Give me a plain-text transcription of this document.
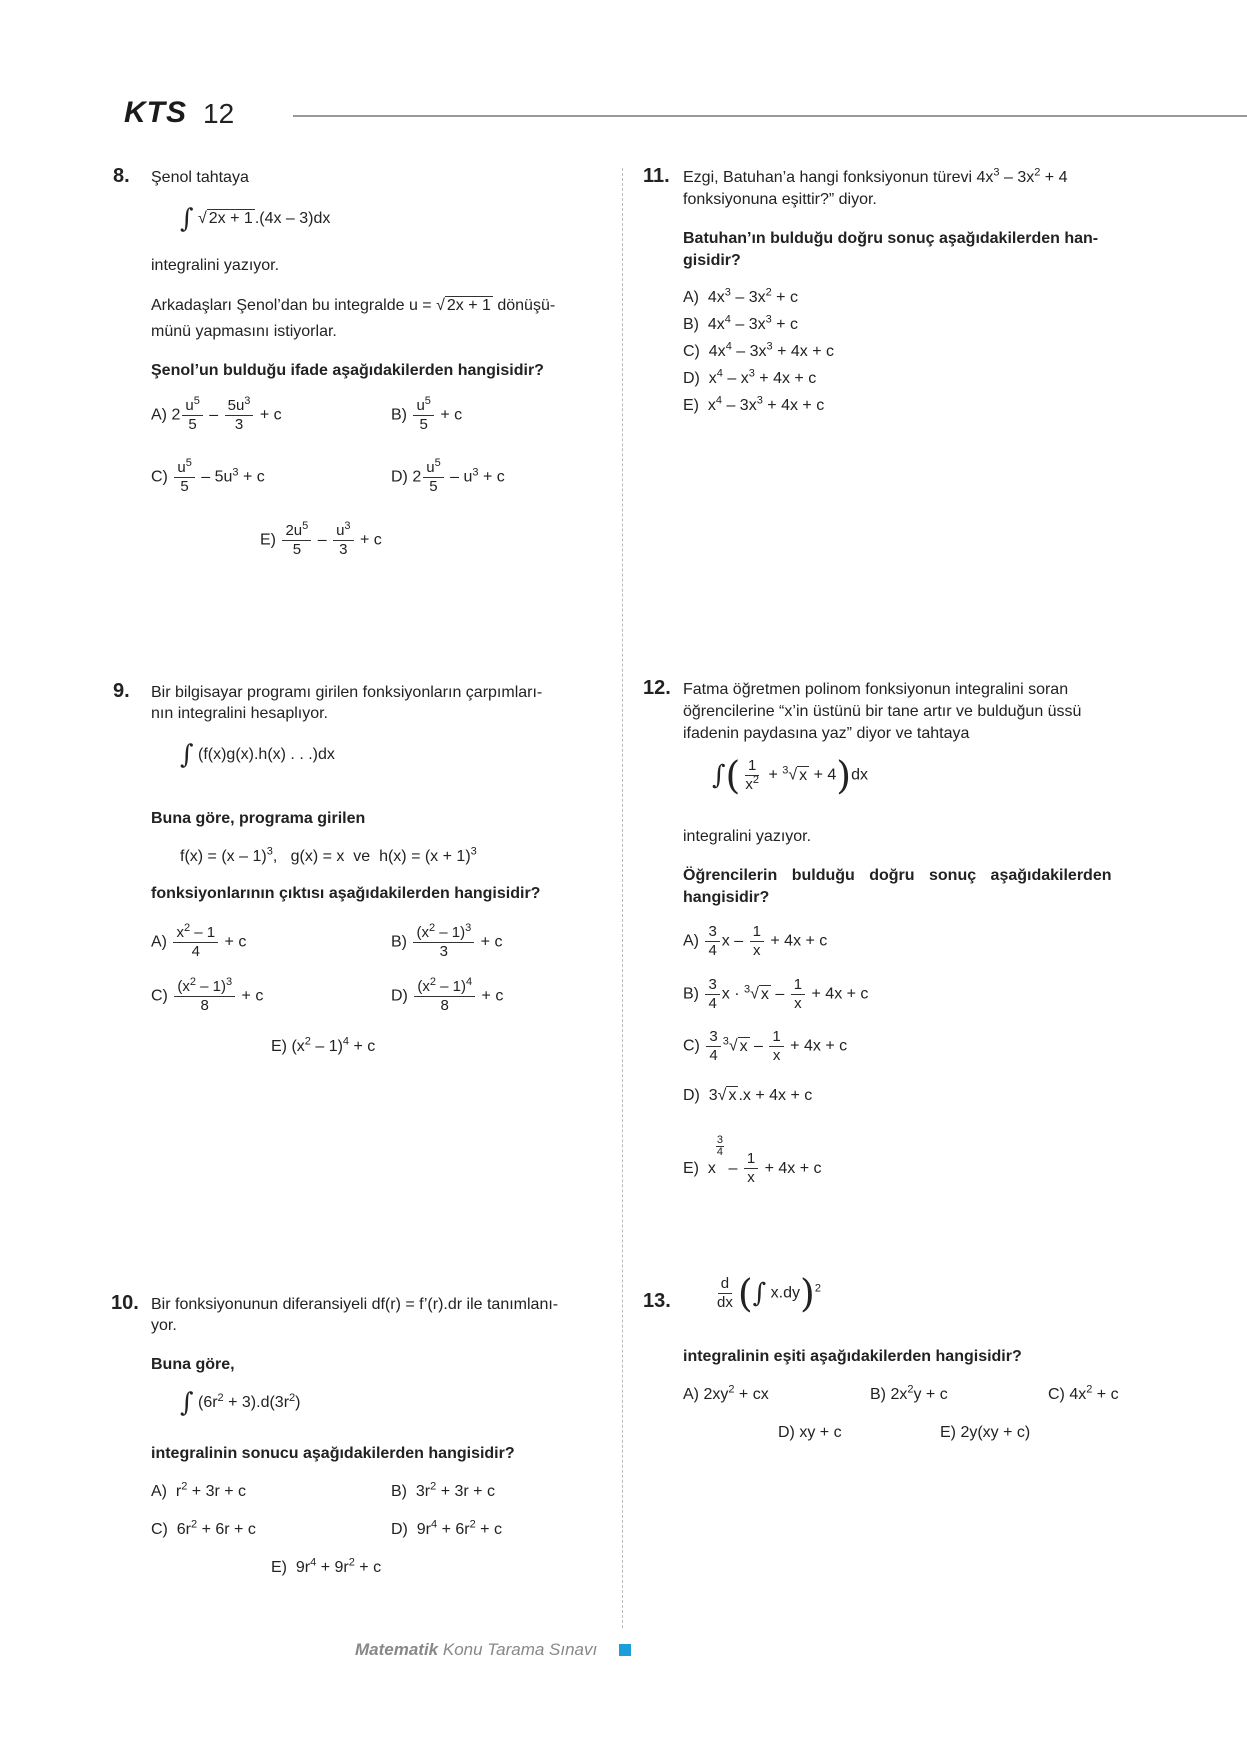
KTS 12
8. Şenol tahtaya
∫ √ 2x + 1 .(4x – 3)dx
integralini yazıyor.
Arkadaşları Şenol’dan bu integralde u = √ 2x + 1 dönüşü-
münü yapmasını istiyorlar.
Şenol’un bulduğu ifade aşağıdakilerden hangisidir?
A) $2 \frac{u^5}{5} - \frac{5u^3}{3} + c$	$B) \frac{u^5}{5} + c$
$C) \frac{u^5}{5} - 5u^3 + c$	D) $2 \frac{u^5}{5} - u^3 + c$
$E) \frac{2u^5}{5} - \frac{u^3}{3} + c$
9. Bir bilgisayar programı girilen fonksiyonların çarpımları-
nın integralini hesaplıyor.
∫ (f(x)g(x).h(x) . . .)dx
Buna göre, programa girilen
f(x) = (x – 1)$^3$,   g(x) = x  ve  $h(x) = (x + 1)^3$
fonksiyonlarının çıktısı aşağıdakilerden hangisidir?
$A) \frac{x^2 - 1}{4} + c$	$B) \frac{(x^2 - 1)^3}{3} + c$
$C) \frac{(x^2 - 1)^3}{8} + c$	$D) \frac{(x^2 - 1)^4}{8} + c$
E) $(x^2 - 1)^4 + c$
10. Bir fonksiyonunun diferansiyeli df(r) = f’(r).dr ile tanımlanı-
yor.
Buna göre,
∫ $(6r^2 + 3).d(3r^2)$
integralinin sonucu aşağıdakilerden hangisidir?
A)  $r^2 + 3r + c$	B)  $3r^2 + 3r + c$
C)  $6r^2 + 6r + c$	D)  $9r^4 + 6r^2 + c$
E)  $9r^4 + 9r^2 + c$
11. Ezgi, Batuhan’a hangi fonksiyonun türevi $4x^3 - 3x^2 + 4$
fonksiyonuna eşittir?” diyor.
Batuhan’ın bulduğu doğru sonuç aşağıdakilerden han-
gisidir?
A)  $4x^3 - 3x^2 + c$
B)  $4x^4 - 3x^3 + c$
C)  $4x^4 - 3x^3 + 4x + c$
D)  $x^4 - x^3 + 4x + c$
E)  $x^4 - 3x^3 + 4x + c$
12. Fatma öğretmen polinom fonksiyonun integralini soran
öğrencilerine “x’in üstünü bir tane artır ve bulduğun üssü
ifadenin paydasına yaz” diyor ve tahtaya
∫( $\frac{1}{x^2} + ^3√$ x + 4)dx
integralini yazıyor.
Öğrencilerin bulduğu doğru sonuç aşağıdakilerden
hangisidir?
$A) \frac{3}{4}$ $x - \frac{1}{x} + 4x + c$
$B) \frac{3}{4}$ x · $^3$√ $x - \frac{1}{x} + 4x + c$
$C) \frac{3}{4} ^3√$ $x - \frac{1}{x} + 4x + c$
D)  3√ x .x + 4x + c
E)  x
$\frac{3}{4}$
– $\frac{1}{x} + 4x + c$
13.	$\frac{d}{dx}$ (∫ x.dy)$^2$
integralinin eşiti aşağıdakilerden hangisidir?
A) $2xy^2$ + cx	B) $2x^2y + c$	C) $4x^2 + c$
D) xy + c	E) 2y(xy + c)
Matematik Konu Tarama Sınavı
